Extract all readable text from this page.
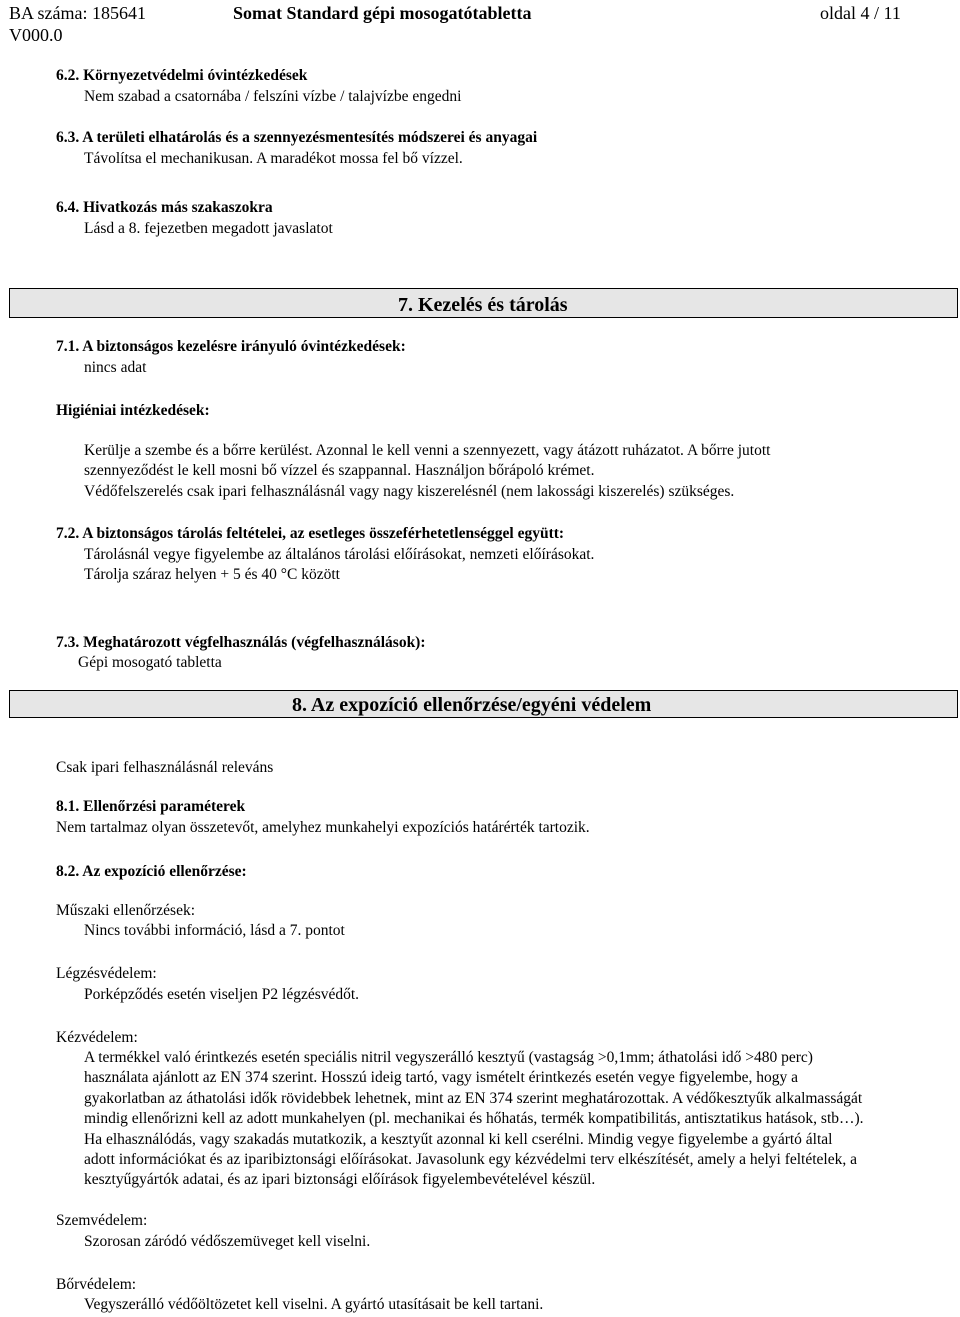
BA száma: 185641
V000.0
Somat Standard gépi mosogatótabletta	oldal 4 / 11
6.2. Környezetvédelmi óvintézkedések
Nem szabad a csatornába / felszíni vízbe / talajvízbe engedni
6.3. A területi elhatárolás és a szennyezésmentesítés módszerei és anyagai
Távolítsa el mechanikusan. A maradékot mossa fel bő vízzel.
6.4. Hivatkozás más szakaszokra
Lásd a 8. fejezetben megadott javaslatot
7. Kezelés és tárolás
7.1. A biztonságos kezelésre irányuló óvintézkedések:
nincs adat
Higiéniai intézkedések:
Kerülje a szembe és a bőrre kerülést. Azonnal le kell venni a szennyezett, vagy átázott ruházatot. A bőrre jutott
szennyeződést le kell mosni bő vízzel és szappannal. Használjon bőrápoló krémet.
Védőfelszerelés csak ipari felhasználásnál vagy nagy kiszerelésnél (nem lakossági kiszerelés) szükséges.
7.2. A biztonságos tárolás feltételei, az esetleges összeférhetetlenséggel együtt:
Tárolásnál vegye figyelembe az általános tárolási előírásokat, nemzeti előírásokat.
Tárolja száraz helyen + 5 és 40 °C között
7.3. Meghatározott végfelhasználás (végfelhasználások):
Gépi mosogató tabletta
8. Az expozíció ellenőrzése/egyéni védelem
Csak ipari felhasználásnál releváns
8.1. Ellenőrzési paraméterek
Nem tartalmaz olyan összetevőt, amelyhez munkahelyi expozíciós határérték tartozik.
8.2. Az expozíció ellenőrzése:
Műszaki ellenőrzések:
Nincs további információ, lásd a 7. pontot
Légzésvédelem:
Porképződés esetén viseljen P2 légzésvédőt.
Kézvédelem:
A termékkel való érintkezés esetén speciális nitril vegyszerálló kesztyű (vastagság >0,1mm; áthatolási idő >480 perc)
használata ajánlott az EN 374 szerint. Hosszú ideig tartó, vagy ismételt érintkezés esetén vegye figyelembe, hogy a
gyakorlatban az áthatolási idők rövidebbek lehetnek, mint az EN 374 szerint meghatározottak. A védőkesztyűk alkalmasságát
mindig ellenőrizni kell az adott munkahelyen (pl. mechanikai és hőhatás, termék kompatibilitás, antisztatikus hatások, stb…).
Ha elhasználódás, vagy szakadás mutatkozik, a kesztyűt azonnal ki kell cserélni. Mindig vegye figyelembe a gyártó által
adott információkat és az iparibiztonsági előírásokat. Javasolunk egy kézvédelmi terv elkészítését, amely a helyi feltételek, a
kesztyűgyártók adatai, és az ipari biztonsági előírások figyelembevételével készül.
Szemvédelem:
Szorosan záródó védőszemüveget kell viselni.
Bőrvédelem:
Vegyszerálló védőöltözetet kell viselni. A gyártó utasításait be kell tartani.
